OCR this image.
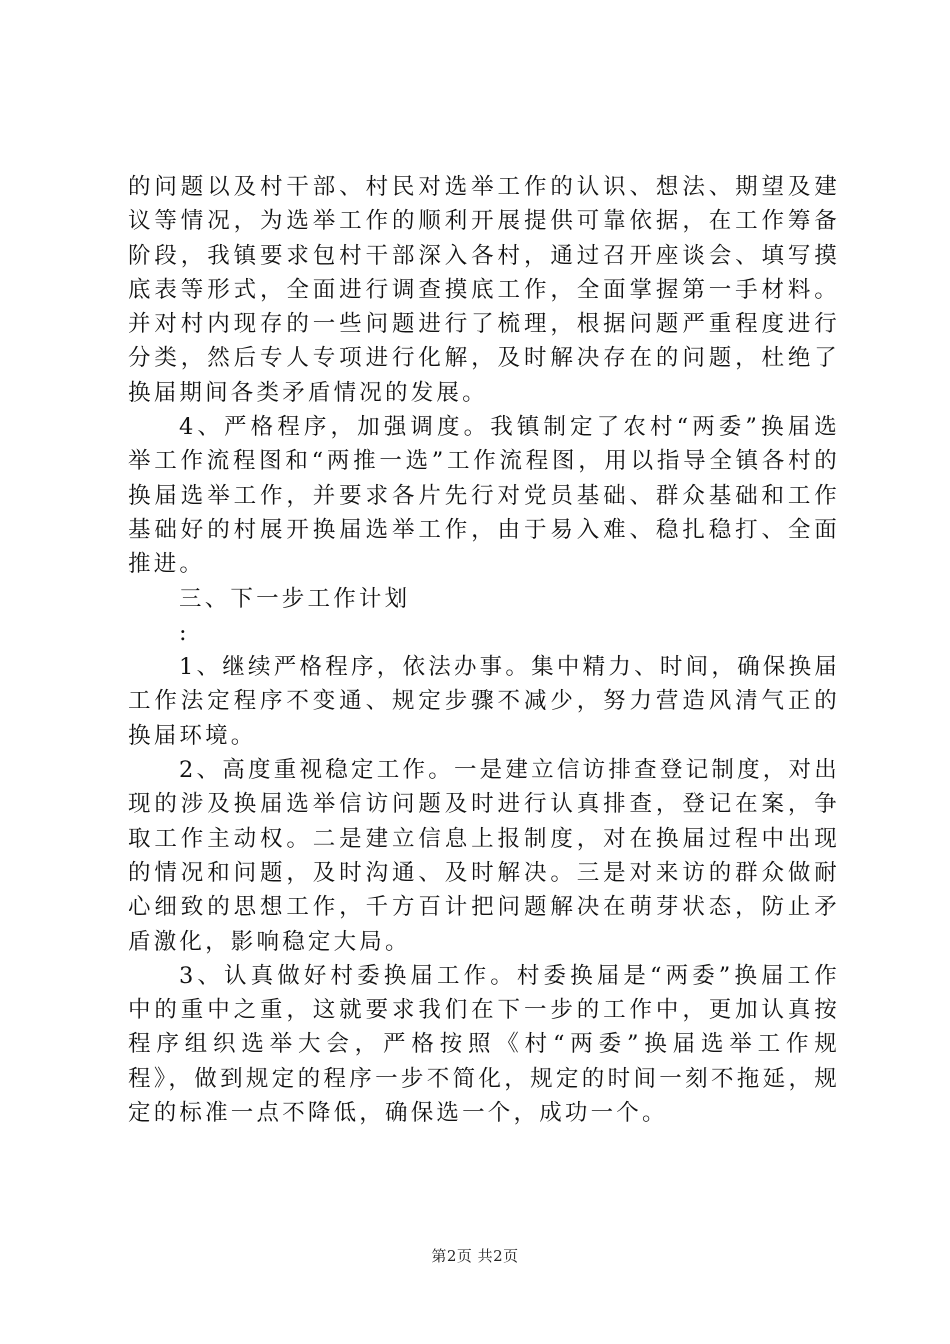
的问题以及村干部、村民对选举工作的认识、想法、期望及建议等情况，为选举工作的顺利开展提供可靠依据，在工作筹备阶段，我镇要求包村干部深入各村，通过召开座谈会、填写摸底表等形式，全面进行调查摸底工作，全面掌握第一手材料。并对村内现存的一些问题进行了梳理，根据问题严重程度进行分类，然后专人专项进行化解，及时解决存在的问题，杜绝了换届期间各类矛盾情况的发展。

4、严格程序，加强调度。我镇制定了农村“两委”换届选举工作流程图和“两推一选”工作流程图，用以指导全镇各村的换届选举工作，并要求各片先行对党员基础、群众基础和工作基础好的村展开换届选举工作，由于易入难、稳扎稳打、全面推进。

三、下一步工作计划

:

1、继续严格程序，依法办事。集中精力、时间，确保换届工作法定程序不变通、规定步骤不减少，努力营造风清气正的换届环境。

2、高度重视稳定工作。一是建立信访排查登记制度，对出现的涉及换届选举信访问题及时进行认真排查，登记在案，争取工作主动权。二是建立信息上报制度，对在换届过程中出现的情况和问题，及时沟通、及时解决。三是对来访的群众做耐心细致的思想工作，千方百计把问题解决在萌芽状态，防止矛盾激化，影响稳定大局。

3、认真做好村委换届工作。村委换届是“两委”换届工作中的重中之重，这就要求我们在下一步的工作中，更加认真按程序组织选举大会，严格按照《村“两委”换届选举工作规程》，做到规定的程序一步不简化，规定的时间一刻不拖延，规定的标准一点不降低，确保选一个，成功一个。

第2页 共2页
